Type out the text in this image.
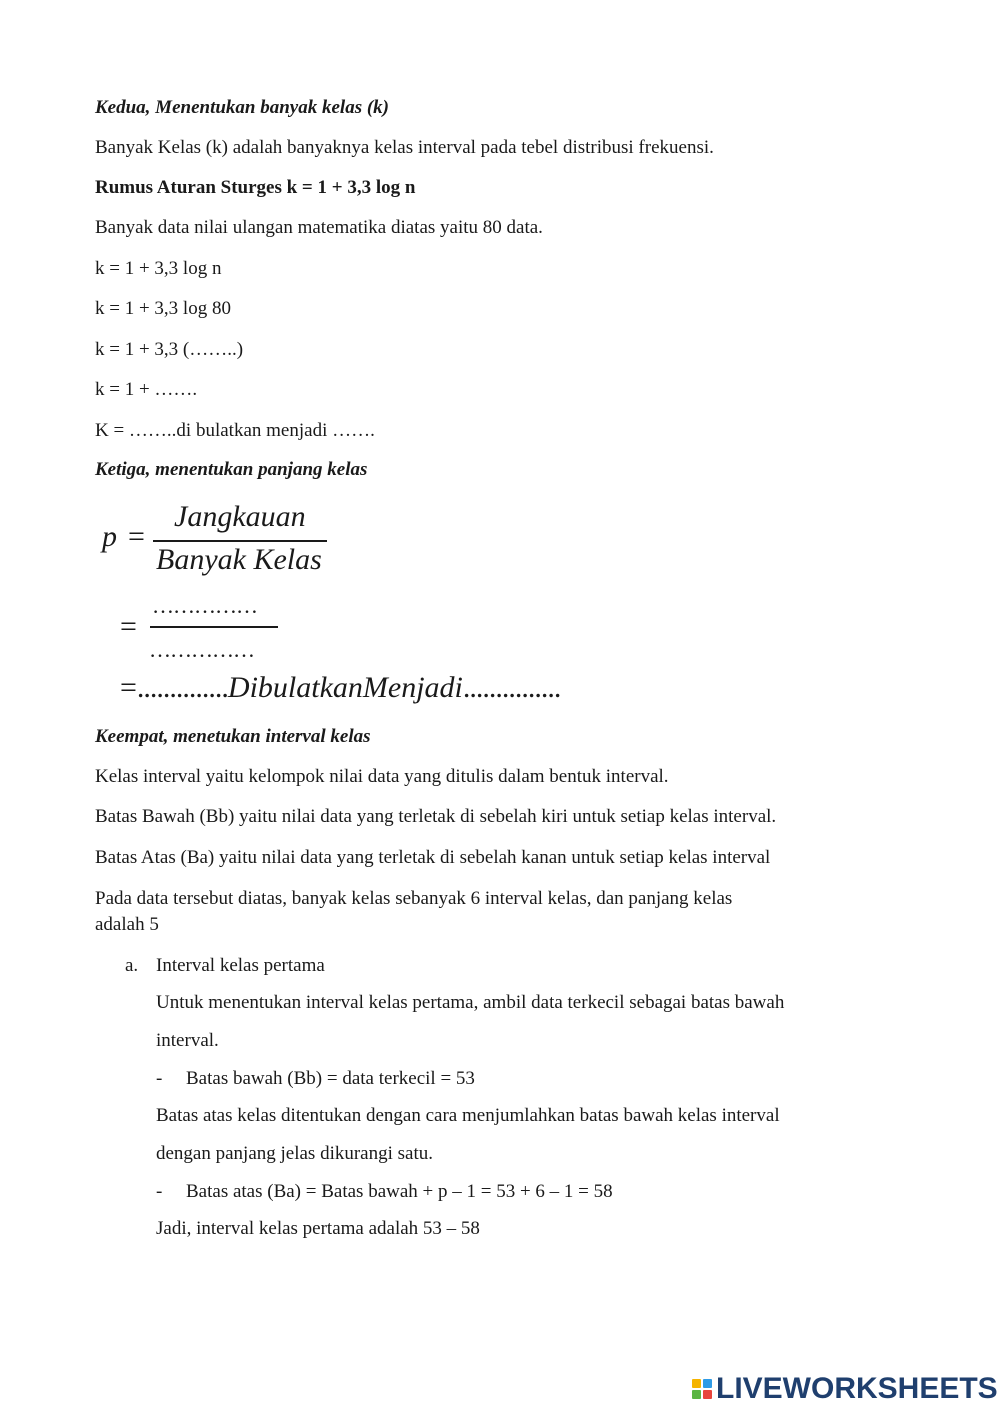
Kedua, Menentukan banyak kelas (k)
Banyak Kelas (k) adalah banyaknya kelas interval pada tebel distribusi frekuensi.
Rumus Aturan Sturges k = 1 + 3,3 log n
Banyak data nilai ulangan matematika diatas yaitu 80 data.
k = 1 + 3,3 log n
k = 1 + 3,3 log 80
k = 1 + 3,3 (……..)
k = 1 + …….
K = ……..di bulatkan menjadi …….
Ketiga, menentukan panjang kelas
p =
Jangkauan
Banyak Kelas
=
……………
……………
=..............DibulatkanMenjadi...............
Keempat, menetukan interval kelas
Kelas interval yaitu kelompok nilai data yang ditulis dalam bentuk interval.
Batas Bawah (Bb) yaitu nilai data yang terletak di sebelah kiri untuk setiap kelas interval.
Batas Atas (Ba) yaitu nilai data yang terletak di sebelah kanan untuk setiap kelas interval
Pada data tersebut diatas, banyak kelas sebanyak 6 interval kelas, dan panjang kelas
adalah 5
a. Interval kelas pertama
Untuk menentukan interval kelas pertama, ambil data terkecil sebagai batas bawah
interval.
- Batas bawah (Bb) = data terkecil = 53
Batas atas kelas ditentukan dengan cara menjumlahkan batas bawah kelas interval
dengan panjang jelas dikurangi satu.
- Batas atas (Ba) = Batas bawah + p – 1 = 53 + 6 – 1 = 58
Jadi, interval kelas pertama adalah 53 – 58
LIVEWORKSHEETS
